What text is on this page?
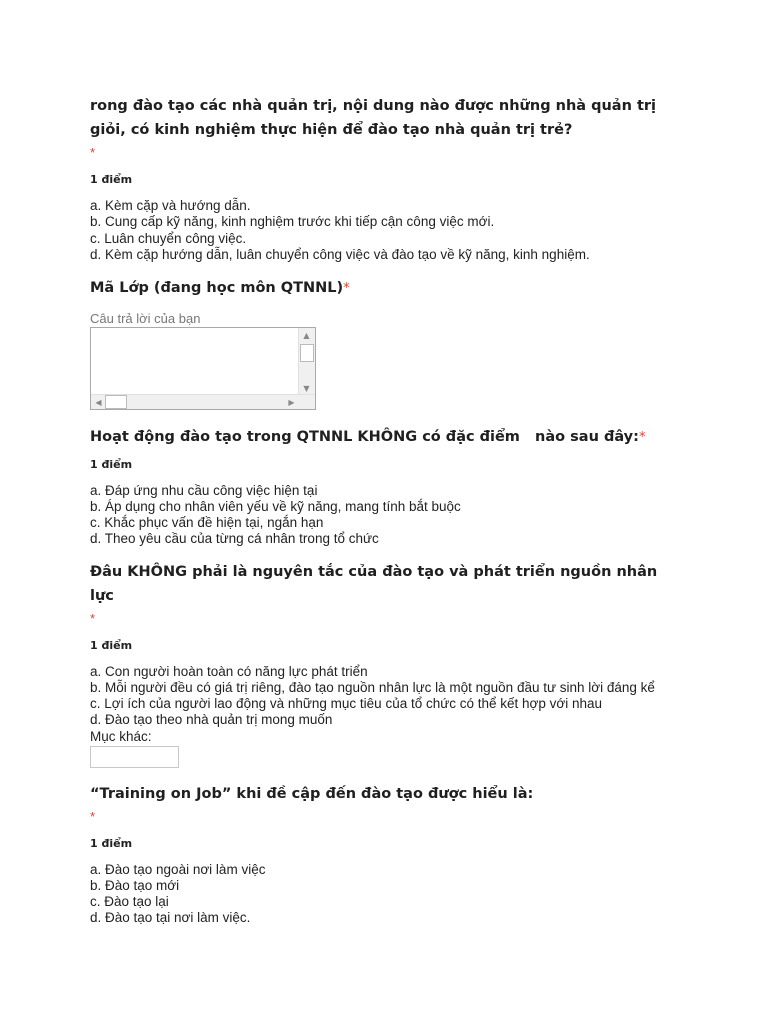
rong đào tạo các nhà quản trị, nội dung nào được những nhà quản trị
giỏi, có kinh nghiệm thực hiện để đào tạo nhà quản trị trẻ?
*
1 điểm
a. Kèm cặp và hướng dẫn.
b. Cung cấp kỹ năng, kinh nghiệm trước khi tiếp cận công việc mới.
c. Luân chuyển công việc.
d. Kèm cặp hướng dẫn, luân chuyển công việc và đào tạo về kỹ năng, kinh nghiệm.
Mã Lớp (đang học môn QTNNL)*
Câu trả lời của bạn
▲
▼
◀	▶
Hoạt động đào tạo trong QTNNL KHÔNG có đặc điểm   nào sau đây:*
1 điểm
a. Đáp ứng nhu cầu công việc hiện tại
b. Áp dụng cho nhân viên yếu về kỹ năng, mang tính bắt buộc
c. Khắc phục vấn đề hiện tại, ngắn hạn
d. Theo yêu cầu của từng cá nhân trong tổ chức
Đâu KHÔNG phải là nguyên tắc của đào tạo và phát triển nguồn nhân
lực
*
1 điểm
a. Con người hoàn toàn có năng lực phát triển
b. Mỗi người đều có giá trị riêng, đào tạo nguồn nhân lực là một nguồn đầu tư sinh lời đáng kể
c. Lợi ích của người lao động và những mục tiêu của tổ chức có thể kết hợp với nhau
d. Đào tạo theo nhà quản trị mong muốn
Mục khác:
“Training on Job” khi đề cập đến đào tạo được hiểu là:
*
1 điểm
a. Đào tạo ngoài nơi làm việc
b. Đào tạo mới
c. Đào tạo lại
d. Đào tạo tại nơi làm việc.
